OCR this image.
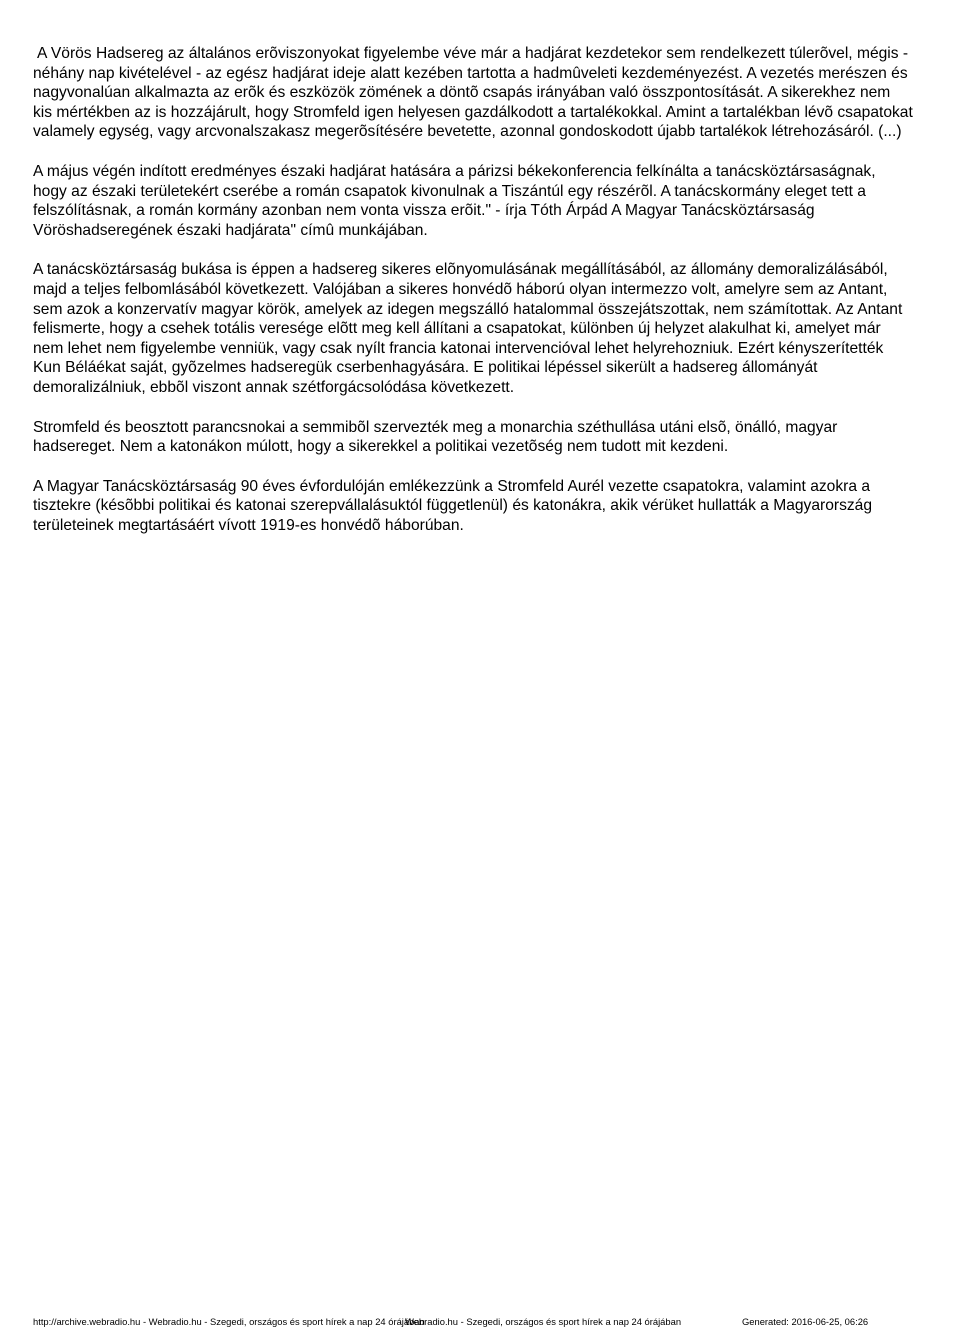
A Vörös Hadsereg az általános erõviszonyokat figyelembe véve már a hadjárat kezdetekor sem rendelkezett túlerõvel, mégis - néhány nap kivételével - az egész hadjárat ideje alatt kezében tartotta a hadmûveleti kezdeményezést. A vezetés merészen és nagyvonalúan alkalmazta az erõk és eszközök zömének a döntõ csapás irányában való összpontosítását. A sikerekhez nem kis mértékben az is hozzájárult, hogy Stromfeld igen helyesen gazdálkodott a tartalékokkal. Amint a tartalékban lévõ csapatokat valamely egység, vagy arcvonalszakasz megerõsítésére bevetette, azonnal gondoskodott újabb tartalékok létrehozásáról. (...)

A május végén indított eredményes északi hadjárat hatására a párizsi békekonferencia felkínálta a tanácsköztársaságnak, hogy az északi területekért cserébe a román csapatok kivonulnak a Tiszántúl egy részérõl. A tanácskormány eleget tett a felszólításnak, a román kormány azonban nem vonta vissza erõit." - írja Tóth Árpád A Magyar Tanácsköztársaság Vöröshadseregének északi hadjárata" címû munkájában.

A tanácsköztársaság bukása is éppen a hadsereg sikeres elõnyomulásának megállításából, az állomány demoralizálásából, majd a teljes felbomlásából következett. Valójában a sikeres honvédõ háború olyan intermezzo volt, amelyre sem az Antant, sem azok a konzervatív magyar körök, amelyek az idegen megszálló hatalommal összejátszottak, nem számítottak. Az Antant felismerte, hogy a csehek totális veresége elõtt meg kell állítani a csapatokat, különben új helyzet alakulhat ki, amelyet már nem lehet nem figyelembe venniük, vagy csak nyílt francia katonai intervencióval lehet helyrehozniuk. Ezért kényszerítették Kun Béláékat saját, gyõzelmes hadseregük cserbenhagyására. E politikai lépéssel sikerült a hadsereg állományát demoralizálniuk, ebbõl viszont annak szétforgácsolódása következett.

Stromfeld és beosztott parancsnokai a semmibõl szervezték meg a monarchia széthullása utáni elsõ, önálló, magyar hadsereget. Nem a katonákon múlott, hogy a sikerekkel a politikai vezetõség nem tudott mit kezdeni.

A Magyar Tanácsköztársaság 90 éves évfordulóján emlékezzünk a Stromfeld Aurél vezette csapatokra, valamint azokra a tisztekre (késõbbi politikai és katonai szerepvállalásuktól függetlenül) és katonákra, akik vérüket hullatták a Magyarország területeinek megtartásáért vívott 1919-es honvédõ háborúban.

http://archive.webradio.hu - Webradio.hu - Szegedi, országos és sport hírek a nap 24 órájában
Webradio.hu - Szegedi, országos és sport hírek a nap 24 órájában	Generated: 2016-06-25, 06:26
